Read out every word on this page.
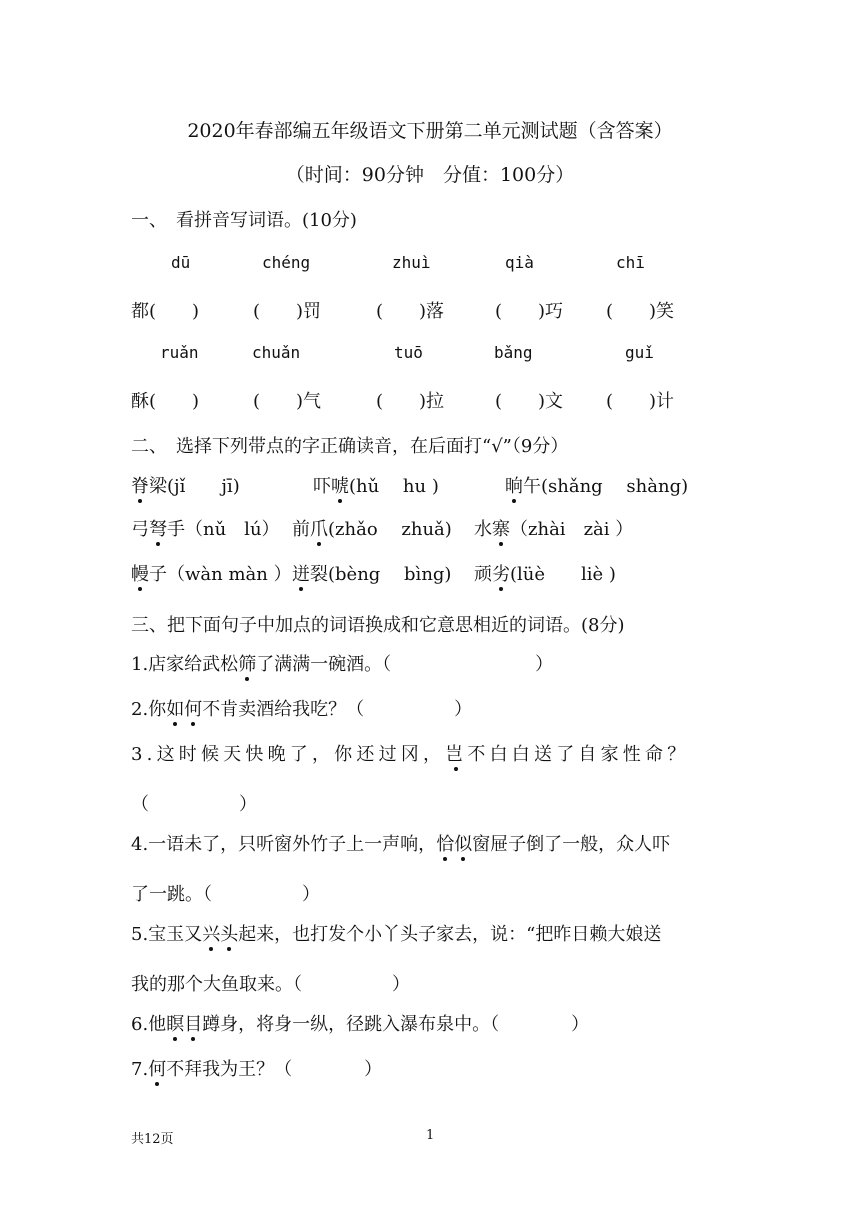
2020年春部编五年级语文下册第二单元测试题（含答案）
（时间：90分钟　分值：100分）
一、　看拼音写词语。(10分)
dū	chéng	zhuì	qià	chī
都(　　)	(　　)罚	(　　)落	(　　)巧 (　　)笑
ruǎn	chuǎn	tuō	bǎng	guǐ
酥(　　)	(　　)气	(　　)拉	(　　)文 (　　)计
二、　选择下列带点的字正确读音，在后面打“√”（9分）
脊梁(jǐ　　jī)	吓唬(hǔ　 hu )	晌午(shǎng　 shàng)
弓弩手（nǔ　lú） 前爪(zhǎo　 zhuǎ) 水寨（zhài　zài ）
幔子（wàn màn ） 迸裂(bèng　 bìng) 顽劣(lüè　　liè )
三、把下面句子中加点的词语换成和它意思相近的词语。(8分)
1.店家给武松筛了满满一碗酒。（　　　　　　　　）
2.你如何不肯卖酒给我吃？（　　　　　）
3.这时候天快晚了，你还过冈，岂不白白送了自家性命？
（　　　　　）
4.一语未了，只听窗外竹子上一声响，恰似窗屉子倒了一般，众人吓
了一跳。（　　　　　）
5.宝玉又兴头起来，也打发个小丫头子家去，说：“把昨日赖大娘送
我的那个大鱼取来。（　　　　　）
6.他瞑目蹲身，将身一纵，径跳入瀑布泉中。（　　　　）
7.何不拜我为王？（　　　　）
共12页	1
